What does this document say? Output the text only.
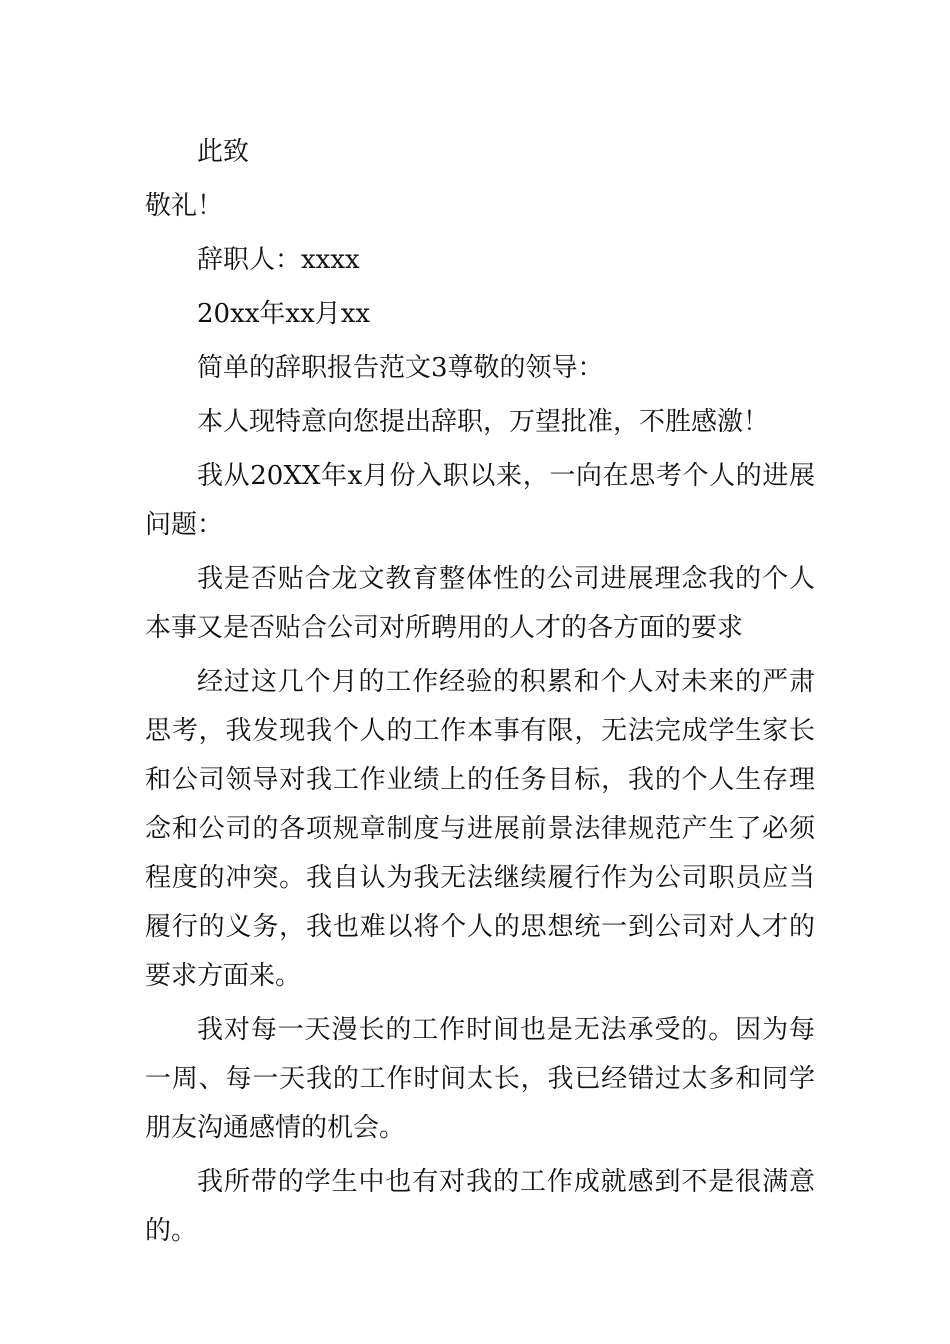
此致

敬礼！

辞职人：xxxx

20xx年xx月xx

简单的辞职报告范文3尊敬的领导：

本人现特意向您提出辞职，万望批准，不胜感激！

我从20XX年x月份入职以来，一向在思考个人的进展问题：

我是否贴合龙文教育整体性的公司进展理念我的个人本事又是否贴合公司对所聘用的人才的各方面的要求

经过这几个月的工作经验的积累和个人对未来的严肃思考，我发现我个人的工作本事有限，无法完成学生家长和公司领导对我工作业绩上的任务目标，我的个人生存理念和公司的各项规章制度与进展前景法律规范产生了必须程度的冲突。我自认为我无法继续履行作为公司职员应当履行的义务，我也难以将个人的思想统一到公司对人才的要求方面来。

我对每一天漫长的工作时间也是无法承受的。因为每一周、每一天我的工作时间太长，我已经错过太多和同学朋友沟通感情的机会。

我所带的学生中也有对我的工作成就感到不是很满意的。
